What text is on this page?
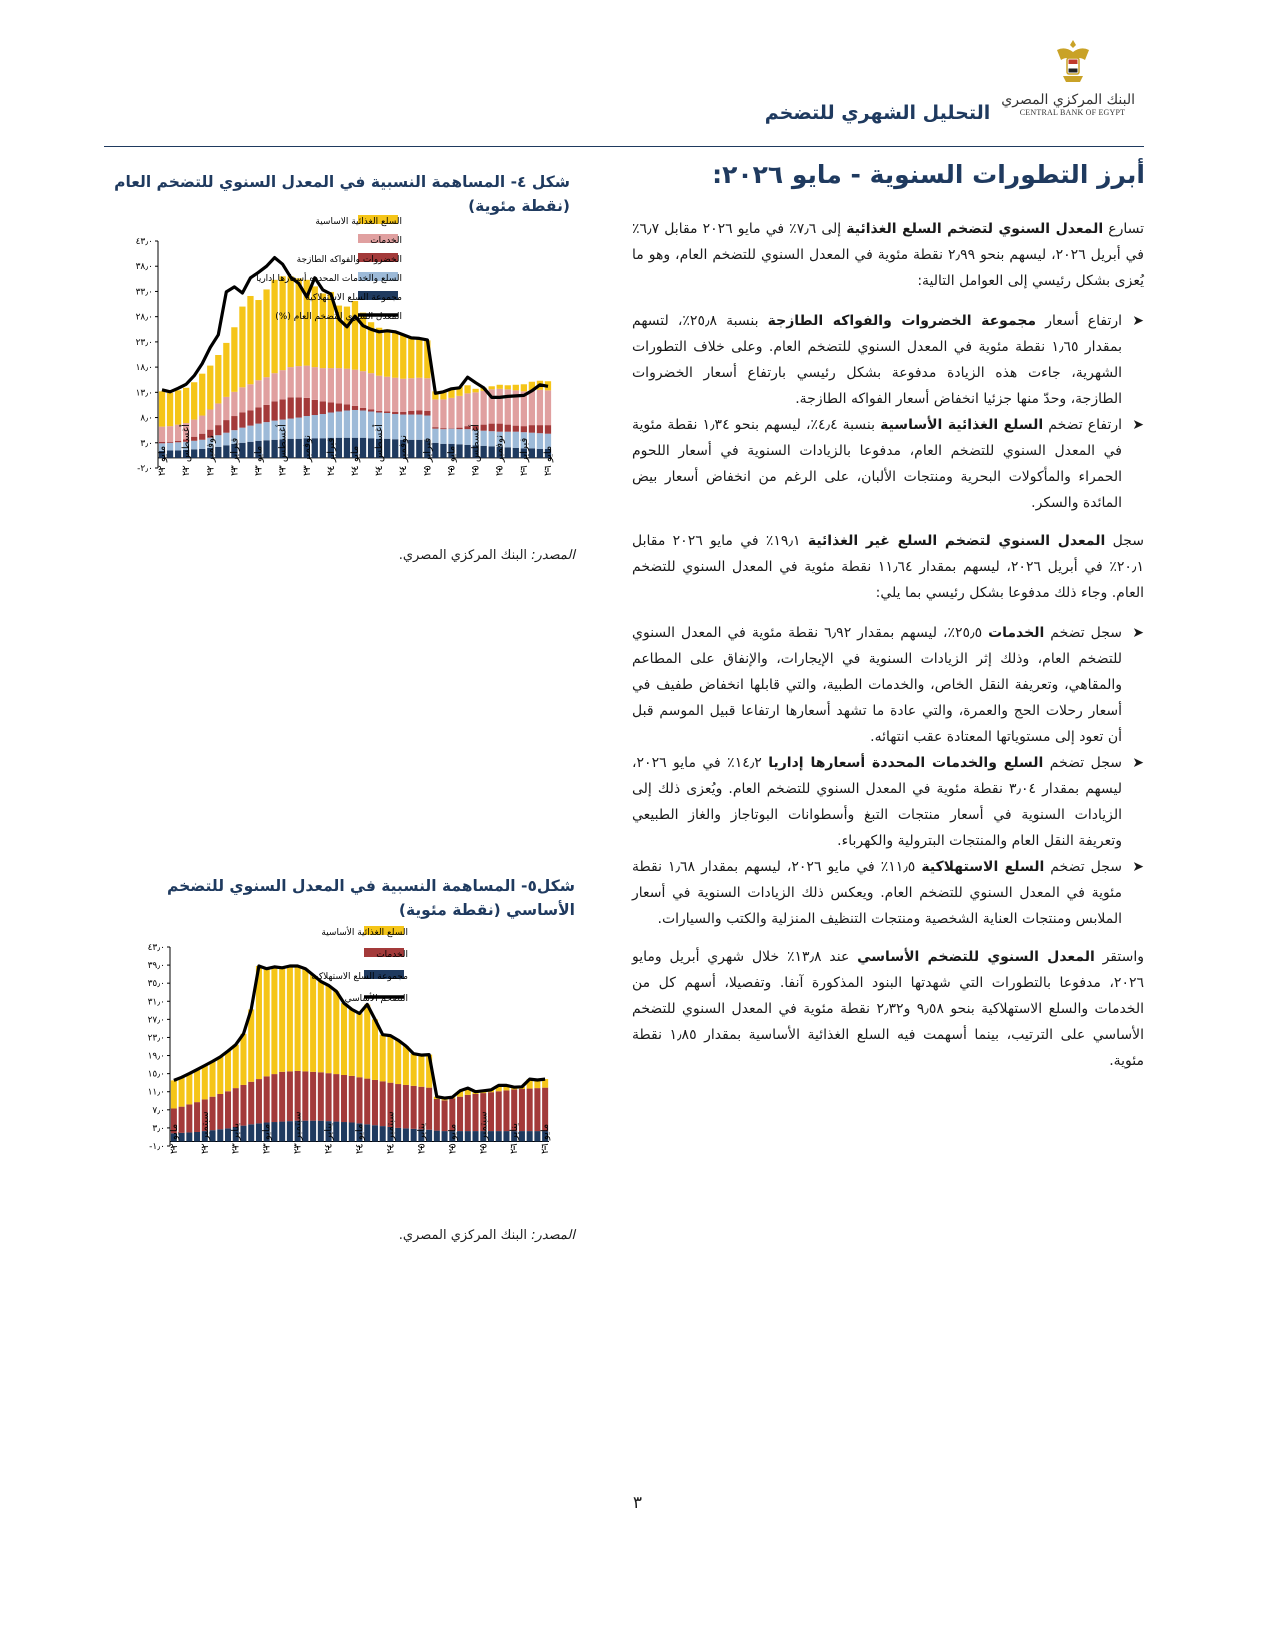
البنك المركزي المصري
CENTRAL BANK OF EGYPT
التحليل الشهري للتضخم
أبرز التطورات السنوية - مايو ٢٠٢٦:

تسارع المعدل السنوي لتضخم السلع الغذائية إلى ٧٫٦٪ في مايو ٢٠٢٦ مقابل ٦٫٧٪ في أبريل ٢٠٢٦، ليسهم بنحو ٢٫٩٩ نقطة مئوية في المعدل السنوي للتضخم العام، وهو ما يُعزى بشكل رئيسي إلى العوامل التالية:

➤
ارتفاع أسعار مجموعة الخضروات والفواكه الطازجة بنسبة ٢٥٫٨٪، لتسهم بمقدار ١٫٦٥ نقطة مئوية في المعدل السنوي للتضخم العام. وعلى خلاف التطورات الشهرية، جاءت هذه الزيادة مدفوعة بشكل رئيسي بارتفاع أسعار الخضروات الطازجة، وحدّ منها جزئيا انخفاض أسعار الفواكه الطازجة.
➤
ارتفاع تضخم السلع الغذائية الأساسية بنسبة ٤٫٤٪، ليسهم بنحو ١٫٣٤ نقطة مئوية في المعدل السنوي للتضخم العام، مدفوعا بالزيادات السنوية في أسعار اللحوم الحمراء والمأكولات البحرية ومنتجات الألبان، على الرغم من انخفاض أسعار بيض المائدة والسكر.

سجل المعدل السنوي لتضخم السلع غير الغذائية ١٩٫١٪ في مايو ٢٠٢٦ مقابل ٢٠٫١٪ في أبريل ٢٠٢٦، ليسهم بمقدار ١١٫٦٤ نقطة مئوية في المعدل السنوي للتضخم العام. وجاء ذلك مدفوعا بشكل رئيسي بما يلي:

➤
سجل تضخم الخدمات ٢٥٫٥٪، ليسهم بمقدار ٦٫٩٢ نقطة مئوية في المعدل السنوي للتضخم العام، وذلك إثر الزيادات السنوية في الإيجارات، والإنفاق على المطاعم والمقاهي، وتعريفة النقل الخاص، والخدمات الطبية، والتي قابلها انخفاض طفيف في أسعار رحلات الحج والعمرة، والتي عادة ما تشهد أسعارها ارتفاعا قبيل الموسم قبل أن تعود إلى مستوياتها المعتادة عقب انتهائه.
➤
سجل تضخم السلع والخدمات المحددة أسعارها إداريا ١٤٫٢٪ في مايو ٢٠٢٦، ليسهم بمقدار ٣٫٠٤ نقطة مئوية في المعدل السنوي للتضخم العام. ويُعزى ذلك إلى الزيادات السنوية في أسعار منتجات التبغ وأسطوانات البوتاجاز والغاز الطبيعي وتعريفة النقل العام والمنتجات البترولية والكهرباء.
➤
سجل تضخم السلع الاستهلاكية ١١٫٥٪ في مايو ٢٠٢٦، ليسهم بمقدار ١٫٦٨ نقطة مئوية في المعدل السنوي للتضخم العام. ويعكس ذلك الزيادات السنوية في أسعار الملابس ومنتجات العناية الشخصية ومنتجات التنظيف المنزلية والكتب والسيارات.

واستقر المعدل السنوي للتضخم الأساسي عند ١٣٫٨٪ خلال شهري أبريل ومايو ٢٠٢٦، مدفوعا بالتطورات التي شهدتها البنود المذكورة آنفا. وتفصيلا، أسهم كل من الخدمات والسلع الاستهلاكية بنحو ٩٫٥٨ و٢٫٣٢ نقطة مئوية في المعدل السنوي للتضخم الأساسي على الترتيب، بينما أسهمت فيه السلع الغذائية الأساسية بمقدار ١٫٨٥ نقطة مئوية.

شكل ٤- المساهمة النسبية في المعدل السنوي للتضخم العام (نقطة مئوية)
-٢٫٠
٣٫٠
٨٫٠
١٣٫٠
١٨٫٠
٢٣٫٠
٢٨٫٠
٣٣٫٠
٣٨٫٠
٤٣٫٠
مايو ٢٢
أغسطس ٢٢
نوفمبر ٢٢
فبراير ٢٣
مايو ٢٣
أغسطس ٢٣
نوفمبر ٢٣
فبراير ٢٤
مايو ٢٤
أغسطس ٢٤
نوفمبر ٢٤
فبراير ٢٥
مايو ٢٥
أغسطس ٢٥
نوفمبر ٢٥
فبراير ٢٦
مايو ٢٦
السلع الغذائية الاساسية
الخدمات
الخضروات والفواكه الطازجة
السلع والخدمات المحدده أسعارها إداريا
مجموعة السلع الاستهلاكية
المعدل السنوي للتضخم العام (%)
المصدر: البنك المركزي المصري.
شكل٥- المساهمة النسبية في المعدل السنوي للتضخم الأساسي (نقطة مئوية)
-١٫٠
٣٫٠
٧٫٠
١١٫٠
١٥٫٠
١٩٫٠
٢٣٫٠
٢٧٫٠
٣١٫٠
٣٥٫٠
٣٩٫٠
٤٣٫٠
مايو ٢٢
سبتمبر ٢٢
يناير ٢٣
مايو ٢٣
سبتمبر ٢٣
يناير ٢٤
مايو ٢٤
سبتمبر ٢٤
يناير ٢٥
مايو ٢٥
سبتمبر ٢٥
يناير ٢٦
مايو ٢٦
السلع الغذائية الأساسية
الخدمات
مجموعة السلع الاستهلاكية
التضخم الأساسي
المصدر: البنك المركزي المصري.
٣
